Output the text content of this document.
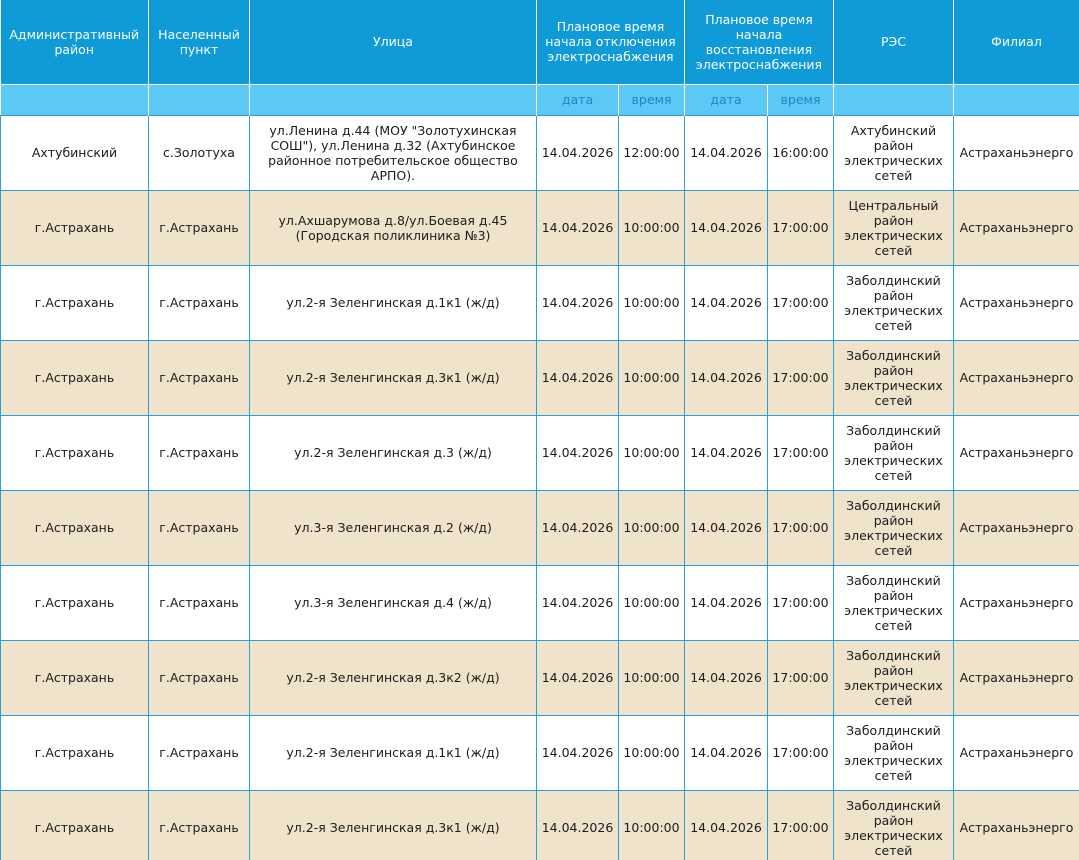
Административный район	Населенный пункт	Улица	Плановое время начала отключения электроснабжения		Плановое время начала восстановления электроснабжения		РЭС	Филиал
			дата	время	дата	время		
Ахтубинский	с.Золотуха	ул.Ленина д.44 (МОУ "Золотухинская СОШ"), ул.Ленина д.32 (Ахтубинское районное потребительское общество АРПО).	14.04.2026	12:00:00	14.04.2026	16:00:00	Ахтубинский район электрических сетей	Астраханьэнерго
г.Астрахань	г.Астрахань	ул.Ахшарумова д.8/ул.Боевая д.45 (Городская поликлиника №3)	14.04.2026	10:00:00	14.04.2026	17:00:00	Центральный район электрических сетей	Астраханьэнерго
г.Астрахань	г.Астрахань	ул.2-я Зеленгинская д.1к1 (ж/д)	14.04.2026	10:00:00	14.04.2026	17:00:00	Заболдинский район электрических сетей	Астраханьэнерго
г.Астрахань	г.Астрахань	ул.2-я Зеленгинская д.3к1 (ж/д)	14.04.2026	10:00:00	14.04.2026	17:00:00	Заболдинский район электрических сетей	Астраханьэнерго
г.Астрахань	г.Астрахань	ул.2-я Зеленгинская д.3 (ж/д)	14.04.2026	10:00:00	14.04.2026	17:00:00	Заболдинский район электрических сетей	Астраханьэнерго
г.Астрахань	г.Астрахань	ул.3-я Зеленгинская д.2 (ж/д)	14.04.2026	10:00:00	14.04.2026	17:00:00	Заболдинский район электрических сетей	Астраханьэнерго
г.Астрахань	г.Астрахань	ул.3-я Зеленгинская д.4 (ж/д)	14.04.2026	10:00:00	14.04.2026	17:00:00	Заболдинский район электрических сетей	Астраханьэнерго
г.Астрахань	г.Астрахань	ул.2-я Зеленгинская д.3к2 (ж/д)	14.04.2026	10:00:00	14.04.2026	17:00:00	Заболдинский район электрических сетей	Астраханьэнерго
г.Астрахань	г.Астрахань	ул.2-я Зеленгинская д.1к1 (ж/д)	14.04.2026	10:00:00	14.04.2026	17:00:00	Заболдинский район электрических сетей	Астраханьэнерго
г.Астрахань	г.Астрахань	ул.2-я Зеленгинская д.3к1 (ж/д)	14.04.2026	10:00:00	14.04.2026	17:00:00	Заболдинский район электрических сетей	Астраханьэнерго
